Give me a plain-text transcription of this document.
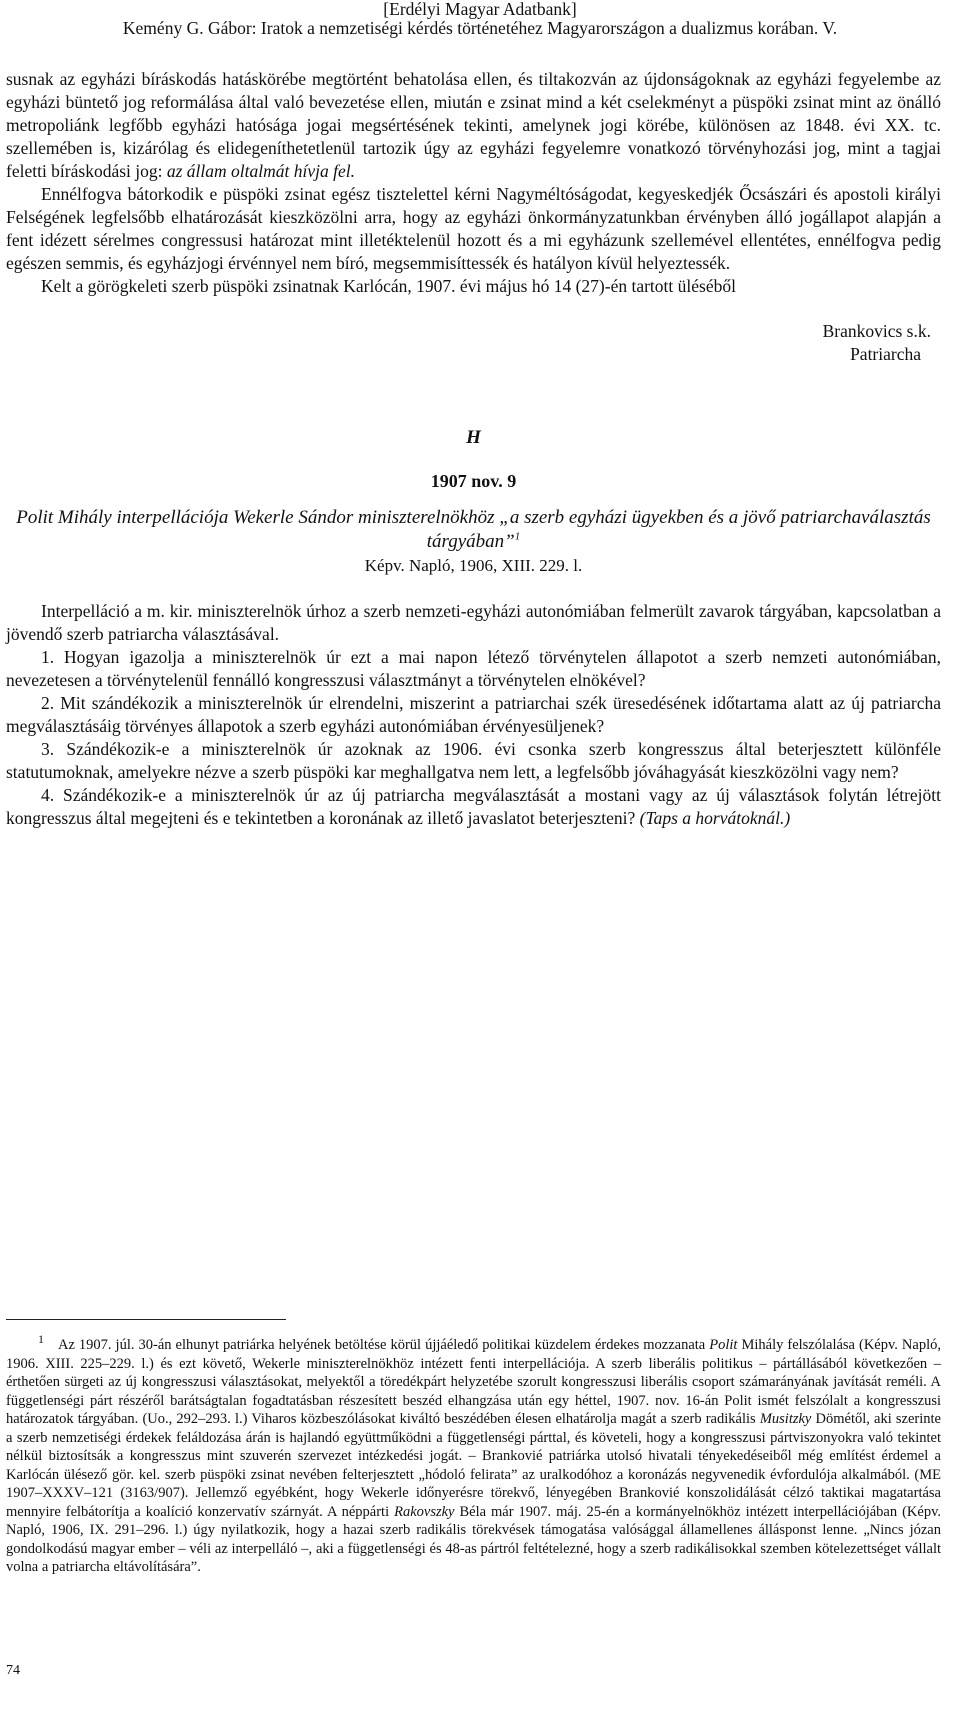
[Erdélyi Magyar Adatbank]
Kemény G. Gábor: Iratok a nemzetiségi kérdés történetéhez Magyarországon a dualizmus korában. V.

susnak az egyházi bíráskodás hatáskörébe megtörtént behatolása ellen, és tiltakozván az újdonságoknak az egyházi fegyelembe az egyházi büntető jog reformálása által való bevezetése ellen, miután e zsinat mind a két cselekményt a püspöki zsinat mint az önálló metropoliánk legfőbb egyházi hatósága jogai megsértésének tekinti, amelynek jogi körébe, különösen az 1848. évi XX. tc. szellemében is, kizárólag és elidegeníthetetlenül tartozik úgy az egyházi fegyelemre vonatkozó törvényhozási jog, mint a tagjai feletti bíráskodási jog: az állam oltalmát hívja fel.

Ennélfogva bátorkodik e püspöki zsinat egész tisztelettel kérni Nagyméltóságodat, kegyeskedjék Őcsászári és apostoli királyi Felségének legfelsőbb elhatározását kieszközölni arra, hogy az egyházi önkormányzatunkban érvényben álló jogállapot alapján a fent idézett sérelmes congressusi határozat mint illetéktelenül hozott és a mi egyházunk szellemével ellentétes, ennélfogva pedig egészen semmis, és egyházjogi érvénnyel nem bíró, megsemmisíttessék és hatályon kívül helyeztessék.

Kelt a görögkeleti szerb püspöki zsinatnak Karlócán, 1907. évi május hó 14 (27)-én tartott üléséből

Brankovics s.k.
Patriarcha
H
1907 nov. 9
Polit Mihály interpellációja Wekerle Sándor miniszterelnökhöz „a szerb egyházi ügyekben és a jövő patriarchaválasztás tárgyában”$^1$
Képv. Napló, 1906, XIII. 229. l.

Interpelláció a m. kir. miniszterelnök úrhoz a szerb nemzeti-egyházi autonómiában felmerült zavarok tárgyában, kapcsolatban a jövendő szerb patriarcha választásával.

1. Hogyan igazolja a miniszterelnök úr ezt a mai napon létező törvénytelen állapotot a szerb nemzeti autonómiában, nevezetesen a törvénytelenül fennálló kongresszusi választmányt a törvénytelen elnökével?

2. Mit szándékozik a miniszterelnök úr elrendelni, miszerint a patriarchai szék üresedésének időtartama alatt az új patriarcha megválasztásáig törvényes állapotok a szerb egyházi autonómiában érvényesüljenek?

3. Szándékozik-e a miniszterelnök úr azoknak az 1906. évi csonka szerb kongresszus által beterjesztett különféle statutumoknak, amelyekre nézve a szerb püspöki kar meghallgatva nem lett, a legfelsőbb jóváhagyását kieszközölni vagy nem?

4. Szándékozik-e a miniszterelnök úr az új patriarcha megválasztását a mostani vagy az új választások folytán létrejött kongresszus által megejteni és e tekintetben a koronának az illető javaslatot beterjeszteni? (Taps a horvátoknál.)

$^1$ Az 1907. júl. 30-án elhunyt patriárka helyének betöltése körül újjáéledő politikai küzdelem érdekes mozzanata Polit Mihály felszólalása (Képv. Napló, 1906. XIII. 225–229. l.) és ezt követő, Wekerle miniszterelnökhöz intézett fenti interpellációja. A szerb liberális politikus – pártállásából következően – érthetően sürgeti az új kongresszusi választásokat, melyektől a töredékpárt helyzetébe szorult kongresszusi liberális csoport számarányának javítását reméli. A függetlenségi párt részéről barátságtalan fogadtatásban részesített beszéd elhangzása után egy héttel, 1907. nov. 16-án Polit ismét felszólalt a kongresszusi határozatok tárgyában. (Uo., 292–293. l.) Viharos közbeszólásokat kiváltó beszédében élesen elhatárolja magát a szerb radikális Musitzky Dömétől, aki szerinte a szerb nemzetiségi érdekek feláldozása árán is hajlandó együttműködni a függetlenségi párttal, és követeli, hogy a kongresszusi pártviszonyokra való tekintet nélkül biztosítsák a kongresszus mint szuverén szervezet intézkedési jogát. – Brankovié patriárka utolsó hivatali tényekedéseiből még említést érdemel a Karlócán ülésező gör. kel. szerb püspöki zsinat nevében felterjesztett „hódoló felirata” az uralkodóhoz a koronázás negyvenedik évfordulója alkalmából. (ME 1907–XXXV–121 (3163/907). Jellemző egyébként, hogy Wekerle időnyerésre törekvő, lényegében Brankovié konszolidálását célzó taktikai magatartása mennyire felbátorítja a koalíció konzervatív szárnyát. A néppárti Rakovszky Béla már 1907. máj. 25-én a kormányelnökhöz intézett interpellációjában (Képv. Napló, 1906, IX. 291–296. l.) úgy nyilatkozik, hogy a hazai szerb radikális törekvések támogatása valósággal államellenes állásponst lenne. „Nincs józan gondolkodású magyar ember – véli az interpelláló –, aki a függetlenségi és 48-as pártról feltételezné, hogy a szerb radikálisokkal szemben kötelezettséget vállalt volna a patriarcha eltávolítására”.
74
